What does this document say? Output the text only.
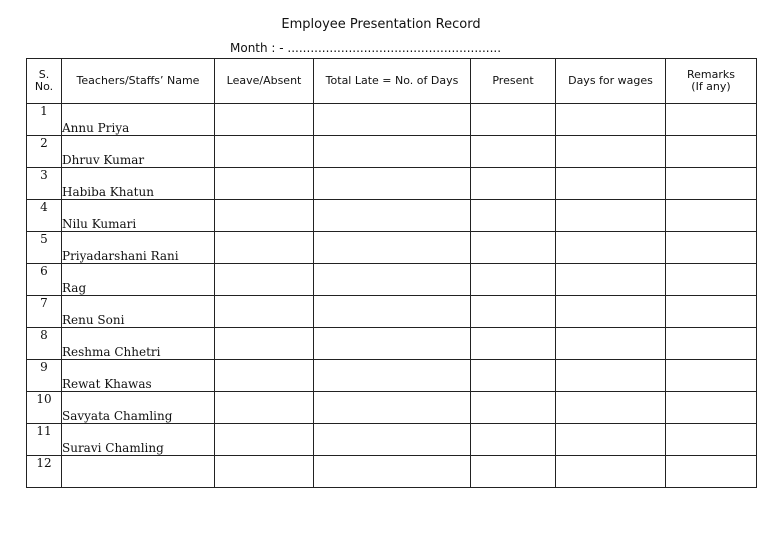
Employee Presentation Record
Month : - ........................................................
S.
No.	Teachers/Staffs’ Name	Leave/Absent	Total Late = No. of Days	Present	Days for wages	Remarks
(If any)
1	Annu Priya					
2	Dhruv Kumar					
3	Habiba Khatun					
4	Nilu Kumari					
5	Priyadarshani Rani					
6	Rag					
7	Renu Soni					
8	Reshma Chhetri					
9	Rewat Khawas					
10	Savyata Chamling					
11	Suravi Chamling					
12						
